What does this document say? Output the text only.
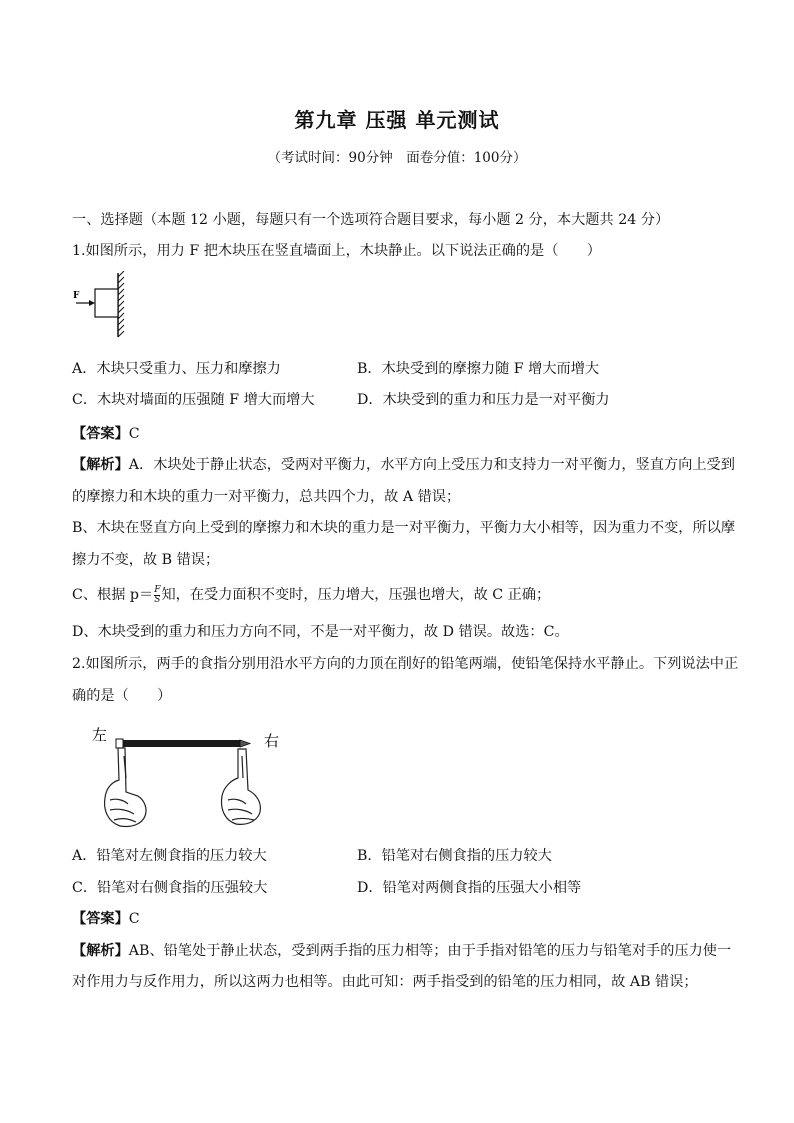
第九章 压强 单元测试
（考试时间：90分钟　面卷分值：100分）
一、选择题（本题 12 小题，每题只有一个选项符合题目要求，每小题 2 分，本大题共 24 分）
1.如图所示，用力 F 把木块压在竖直墙面上，木块静止。以下说法正确的是（　　）
F
A．木块只受重力、压力和摩擦力	B．木块受到的摩擦力随 F 增大而增大
C．木块对墙面的压强随 F 增大而增大	D．木块受到的重力和压力是一对平衡力
【答案】C
【解析】A．木块处于静止状态，受两对平衡力，水平方向上受压力和支持力一对平衡力，竖直方向上受到
的摩擦力和木块的重力一对平衡力，总共四个力，故 A 错误；
B、木块在竖直方向上受到的摩擦力和木块的重力是一对平衡力，平衡力大小相等，因为重力不变，所以摩
擦力不变，故 B 错误；
C、根据 $p= \frac{F}{S}$ 知，在受力面积不变时，压力增大，压强也增大，故 C 正确；
D、木块受到的重力和压力方向不同，不是一对平衡力，故 D 错误。故选：C。
2.如图所示，两手的食指分别用沿水平方向的力顶在削好的铅笔两端，使铅笔保持水平静止。下列说法中正
确的是（　　）
左	右
A．铅笔对左侧食指的压力较大	B．铅笔对右侧食指的压力较大
C．铅笔对右侧食指的压强较大	D．铅笔对两侧食指的压强大小相等
【答案】C
【解析】AB、铅笔处于静止状态，受到两手指的压力相等；由于手指对铅笔的压力与铅笔对手的压力使一
对作用力与反作用力，所以这两力也相等。由此可知：两手指受到的铅笔的压力相同，故 AB 错误；
